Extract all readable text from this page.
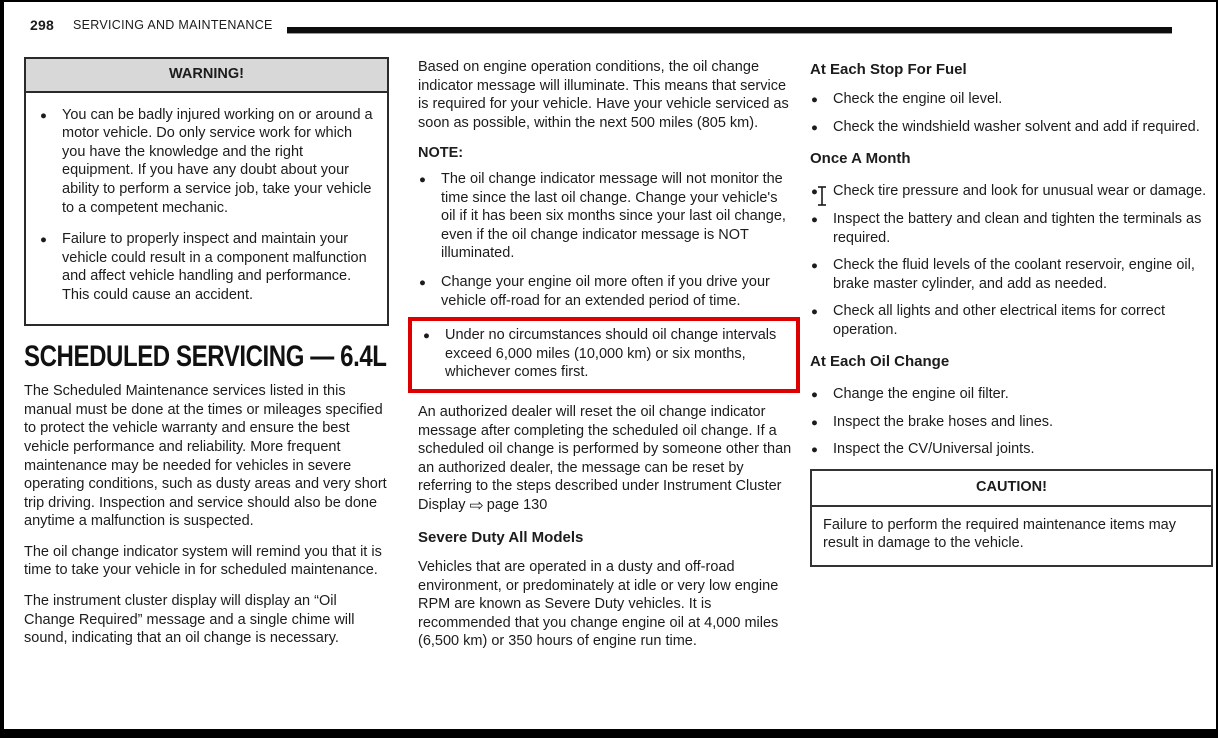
298 SERVICING AND MAINTENANCE
WARNING!
● You can be badly injured working on or around a motor vehicle. Do only service work for which you have the knowledge and the right equipment. If you have any doubt about your ability to perform a service job, take your vehicle to a competent mechanic.
● Failure to properly inspect and maintain your vehicle could result in a component malfunction and affect vehicle handling and performance. This could cause an accident.
SCHEDULED SERVICING — 6.4L

The Scheduled Maintenance services listed in this manual must be done at the times or mileages specified to protect the vehicle warranty and ensure the best vehicle performance and reliability. More frequent maintenance may be needed for vehicles in severe operating conditions, such as dusty areas and very short trip driving. Inspection and service should also be done anytime a malfunction is suspected.

The oil change indicator system will remind you that it is time to take your vehicle in for scheduled maintenance.

The instrument cluster display will display an “Oil Change Required” message and a single chime will sound, indicating that an oil change is necessary.

Based on engine operation conditions, the oil change indicator message will illuminate. This means that service is required for your vehicle. Have your vehicle serviced as soon as possible, within the next 500 miles (805 km).

NOTE:
● The oil change indicator message will not monitor the time since the last oil change. Change your vehicle's oil if it has been six months since your last oil change, even if the oil change indicator message is NOT illuminated.
● Change your engine oil more often if you drive your vehicle off-road for an extended period of time.
● Under no circumstances should oil change intervals exceed 6,000 miles (10,000 km) or six months, whichever comes first.

An authorized dealer will reset the oil change indicator message after completing the scheduled oil change. If a scheduled oil change is performed by someone other than an authorized dealer, the message can be reset by referring to the steps described under Instrument Cluster Display ⇨ page 130

Severe Duty All Models

Vehicles that are operated in a dusty and off-road environment, or predominately at idle or very low engine RPM are known as Severe Duty vehicles. It is recommended that you change engine oil at 4,000 miles (6,500 km) or 350 hours of engine run time.

At Each Stop For Fuel
● Check the engine oil level.
● Check the windshield washer solvent and add if required.
Once A Month
● Check tire pressure and look for unusual wear or damage.
● Inspect the battery and clean and tighten the terminals as required.
● Check the fluid levels of the coolant reservoir, engine oil, brake master cylinder, and add as needed.
● Check all lights and other electrical items for correct operation.
At Each Oil Change
● Change the engine oil filter.
● Inspect the brake hoses and lines.
● Inspect the CV/Universal joints.
CAUTION!
Failure to perform the required maintenance items may result in damage to the vehicle.
